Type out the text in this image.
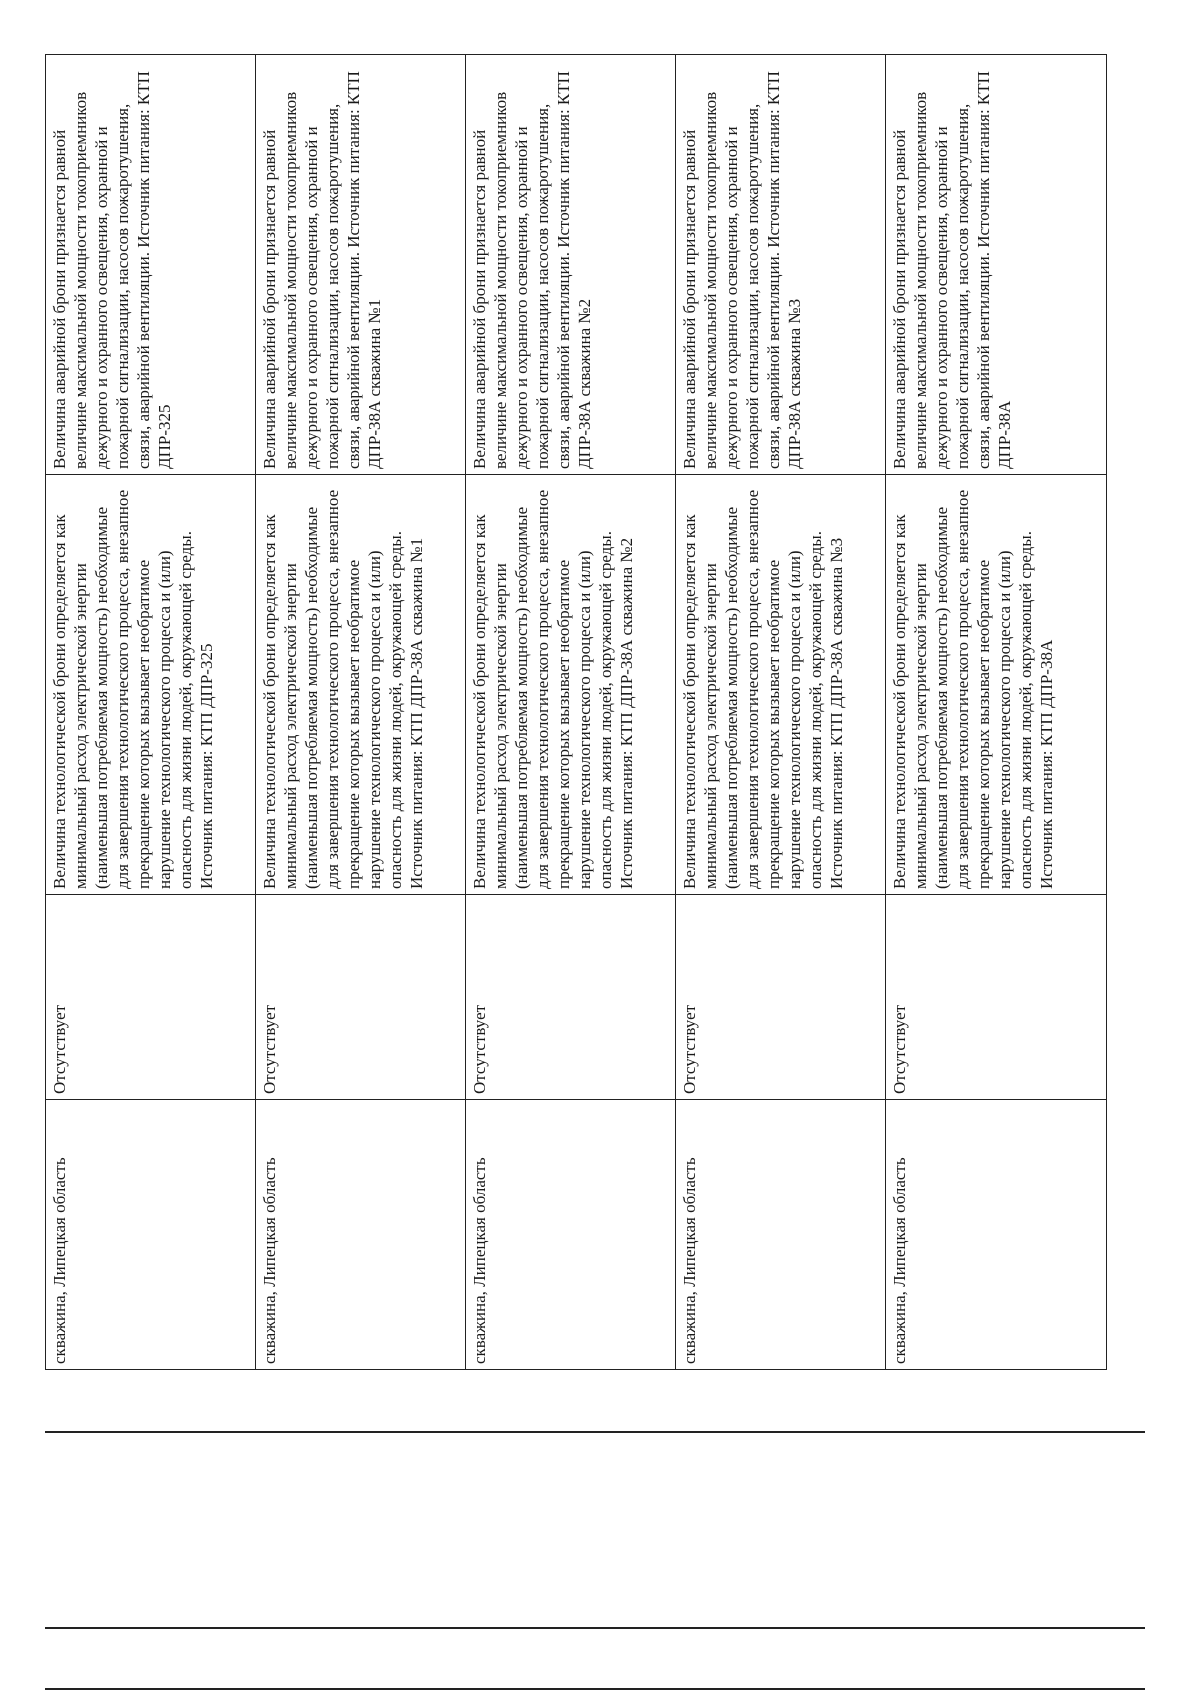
скважина, Липецкая область
Отсутствует
Величина технологической брони определяется как минимальный расход электрической энергии (наименьшая потребляемая мощность) необходимые для завершения технологического процесса, внезапное прекращение которых вызывает необратимое нарушение технологического процесса и (или) опасность для жизни людей, окружающей среды. Источник питания: КТП ДПР-325
Величина аварийной брони признается равной величине максимальной мощности токоприемников дежурного и охранного освещения, охранной и пожарной сигнализации, насосов пожаротушения, связи, аварийной вентиляции. Источник питания: КТП ДПР-325
скважина, Липецкая область
Отсутствует
Величина технологической брони определяется как минимальный расход электрической энергии (наименьшая потребляемая мощность) необходимые для завершения технологического процесса, внезапное прекращение которых вызывает необратимое нарушение технологического процесса и (или) опасность для жизни людей, окружающей среды. Источник питания: КТП ДПР-38А скважина №1
Величина аварийной брони признается равной величине максимальной мощности токоприемников дежурного и охранного освещения, охранной и пожарной сигнализации, насосов пожаротушения, связи, аварийной вентиляции. Источник питания: КТП ДПР-38А скважина №1
скважина, Липецкая область
Отсутствует
Величина технологической брони определяется как минимальный расход электрической энергии (наименьшая потребляемая мощность) необходимые для завершения технологического процесса, внезапное прекращение которых вызывает необратимое нарушение технологического процесса и (или) опасность для жизни людей, окружающей среды. Источник питания: КТП ДПР-38А скважина №2
Величина аварийной брони признается равной величине максимальной мощности токоприемников дежурного и охранного освещения, охранной и пожарной сигнализации, насосов пожаротушения, связи, аварийной вентиляции. Источник питания: КТП ДПР-38А скважина №2
скважина, Липецкая область
Отсутствует
Величина технологической брони определяется как минимальный расход электрической энергии (наименьшая потребляемая мощность) необходимые для завершения технологического процесса, внезапное прекращение которых вызывает необратимое нарушение технологического процесса и (или) опасность для жизни людей, окружающей среды. Источник питания: КТП ДПР-38А скважина №3
Величина аварийной брони признается равной величине максимальной мощности токоприемников дежурного и охранного освещения, охранной и пожарной сигнализации, насосов пожаротушения, связи, аварийной вентиляции. Источник питания: КТП ДПР-38А скважина №3
скважина, Липецкая область
Отсутствует
Величина технологической брони определяется как минимальный расход электрической энергии (наименьшая потребляемая мощность) необходимые для завершения технологического процесса, внезапное прекращение которых вызывает необратимое нарушение технологического процесса и (или) опасность для жизни людей, окружающей среды. Источник питания: КТП ДПР-38А
Величина аварийной брони признается равной величине максимальной мощности токоприемников дежурного и охранного освещения, охранной и пожарной сигнализации, насосов пожаротушения, связи, аварийной вентиляции. Источник питания: КТП ДПР-38А
